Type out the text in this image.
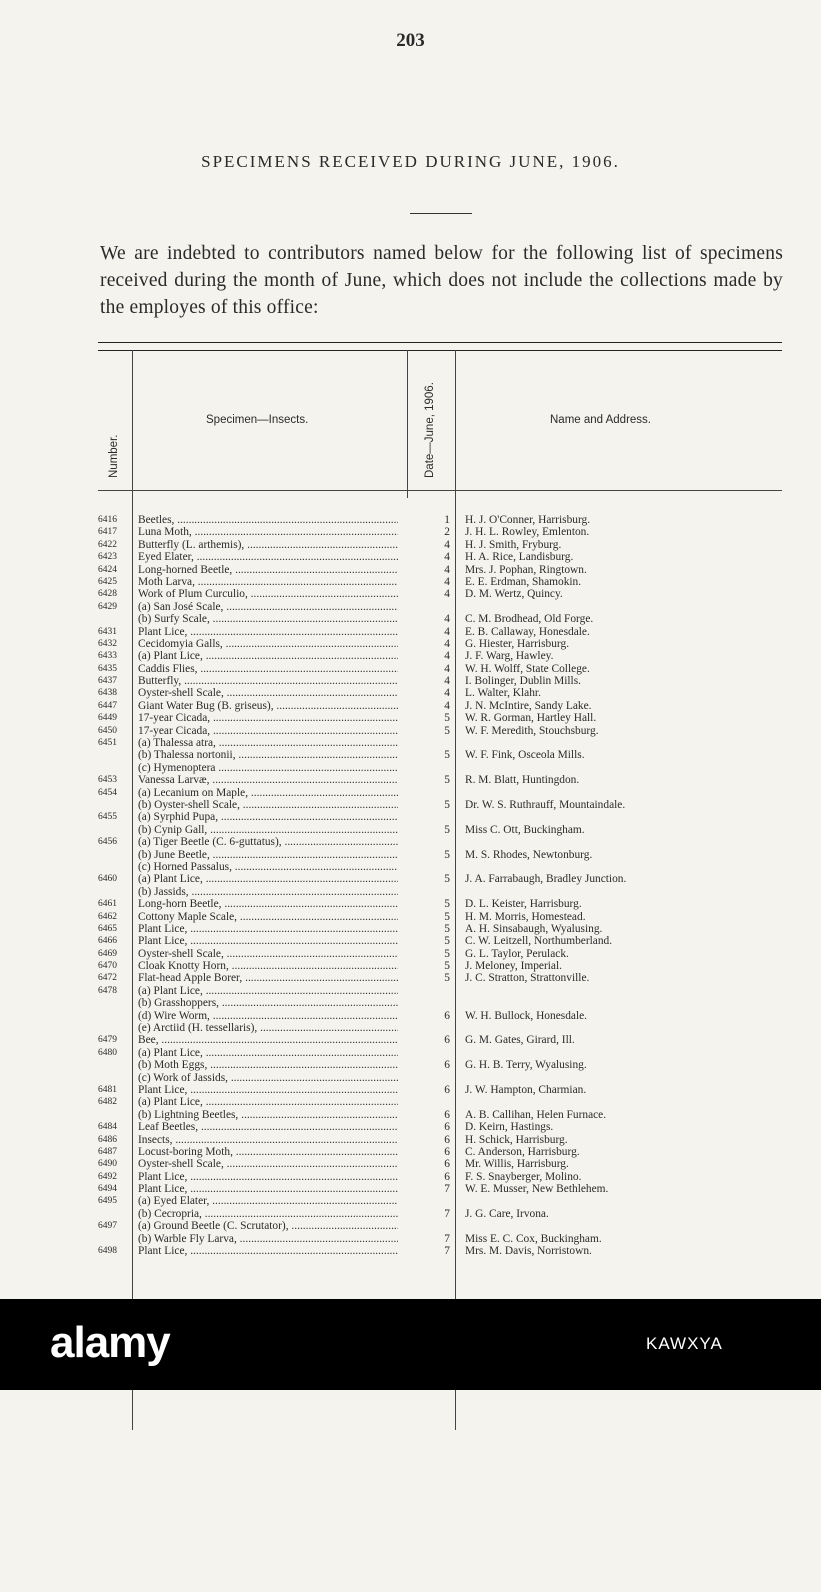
203
SPECIMENS RECEIVED DURING JUNE, 1906.
We are indebted to contributors named below for the following list of specimens received during the month of June, which does not include the collections made by the employes of this office:
Number.
Specimen—Insects.	Date—June, 1906.	Name and Address.
6416	Beetles, .....	1 H. J. O'Conner, Harrisburg.
6417	Luna Moth, .....	2 J. H. L. Rowley, Emlenton.
6422	Butterfly (L. arthemis), .....	4 H. J. Smith, Fryburg.
6423	Eyed Elater, .....	4 H. A. Rice, Landisburg.
6424	Long-horned Beetle, .....	4 Mrs. J. Pophan, Ringtown.
6425	Moth Larva, .....	4 E. E. Erdman, Shamokin.
6428	Work of Plum Curculio, .....	4 D. M. Wertz, Quincy.
6429	(a) San José Scale, .....
(b) Surfy Scale, .....	4 C. M. Brodhead, Old Forge.
6431	Plant Lice, .....	4 E. B. Callaway, Honesdale.
6432	Cecidomyia Galls, .....	4 G. Hiester, Harrisburg.
6433	(a) Plant Lice, .....	4 J. F. Warg, Hawley.
6435	Caddis Flies, .....	4 W. H. Wolff, State College.
6437	Butterfly, .....	4 I. Bolinger, Dublin Mills.
6438	Oyster-shell Scale, .....	4 L. Walter, Klahr.
6447	Giant Water Bug (B. griseus), .....	4 J. N. McIntire, Sandy Lake.
6449	17-year Cicada, .....	5 W. R. Gorman, Hartley Hall.
6450	17-year Cicada, .....	5 W. F. Meredith, Stouchsburg.
6451	(a) Thalessa atra, .....
(b) Thalessa nortonii, .....	5 W. F. Fink, Osceola Mills.
(c) Hymenoptera .....
6453	Vanessa Larvæ, .....	5 R. M. Blatt, Huntingdon.
6454	(a) Lecanium on Maple, .....
(b) Oyster-shell Scale, .....	5 Dr. W. S. Ruthrauff, Mountaindale.
6455	(a) Syrphid Pupa, .....
(b) Cynip Gall, .....	5 Miss C. Ott, Buckingham.
6456	(a) Tiger Beetle (C. 6-guttatus), .....
(b) June Beetle, .....	5 M. S. Rhodes, Newtonburg.
(c) Horned Passalus, .....
6460	(a) Plant Lice, .....	5 J. A. Farrabaugh, Bradley Junction.
(b) Jassids, .....
6461	Long-horn Beetle, .....	5 D. L. Keister, Harrisburg.
6462	Cottony Maple Scale, .....	5 H. M. Morris, Homestead.
6465	Plant Lice, .....	5 A. H. Sinsabaugh, Wyalusing.
6466	Plant Lice, .....	5 C. W. Leitzell, Northumberland.
6469	Oyster-shell Scale, .....	5 G. L. Taylor, Perulack.
6470	Cloak Knotty Horn, .....	5 J. Meloney, Imperial.
6472	Flat-head Apple Borer, .....	5 J. C. Stratton, Strattonville.
6478	(a) Plant Lice, .....
(b) Grasshoppers, .....
(d) Wire Worm, .....	6 W. H. Bullock, Honesdale.
(e) Arctiid (H. tessellaris), .....
6479	Bee, .....	6 G. M. Gates, Girard, Ill.
6480	(a) Plant Lice, .....
(b) Moth Eggs, .....	6 G. H. B. Terry, Wyalusing.
(c) Work of Jassids, .....
6481	Plant Lice, .....	6 J. W. Hampton, Charmian.
6482	(a) Plant Lice, .....
(b) Lightning Beetles, .....	6 A. B. Callihan, Helen Furnace.
6484	Leaf Beetles, .....	6 D. Keirn, Hastings.
6486	Insects, .....	6 H. Schick, Harrisburg.
6487	Locust-boring Moth, .....	6 C. Anderson, Harrisburg.
6490	Oyster-shell Scale, .....	6 Mr. Willis, Harrisburg.
6492	Plant Lice, .....	6 F. S. Snayberger, Molino.
6494	Plant Lice, .....	7 W. E. Musser, New Bethlehem.
6495	(a) Eyed Elater, .....
(b) Cecropria, .....	7 J. G. Care, Irvona.
6497	(a) Ground Beetle (C. Scrutator), .....
(b) Warble Fly Larva, .....	7 Miss E. C. Cox, Buckingham.
6498	Plant Lice, .....	7 Mrs. M. Davis, Norristown.
alamy	KAWXYA
